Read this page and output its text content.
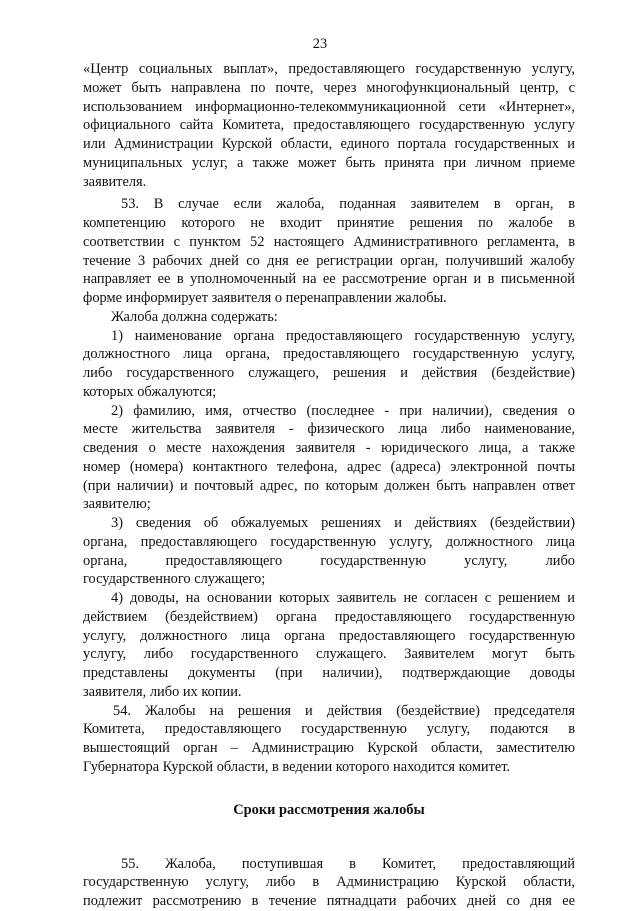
23
«Центр социальных выплат», предоставляющего государственную услугу,
может быть направлена по почте, через многофункциональный центр, с
использованием информационно-телекоммуникационной сети «Интернет»,
официального сайта Комитета, предоставляющего государственную услугу
или Администрации Курской области, единого портала государственных и
муниципальных услуг, а также может быть принята при личном приеме
заявителя.
53. В случае если жалоба, поданная заявителем в орган, в
компетенцию которого не входит принятие решения по жалобе в
соответствии с пунктом 52 настоящего Административного регламента, в
течение 3 рабочих дней со дня ее регистрации орган, получивший жалобу
направляет ее в уполномоченный на ее рассмотрение орган и в письменной
форме информирует заявителя о перенаправлении жалобы.
Жалоба должна содержать:
1) наименование органа предоставляющего государственную услугу,
должностного лица органа, предоставляющего государственную услугу,
либо государственного служащего, решения и действия (бездействие)
которых обжалуются;
2) фамилию, имя, отчество (последнее - при наличии), сведения о
месте жительства заявителя - физического лица либо наименование,
сведения о месте нахождения заявителя - юридического лица, а также
номер (номера) контактного телефона, адрес (адреса) электронной почты
(при наличии) и почтовый адрес, по которым должен быть направлен ответ
заявителю;
3) сведения об обжалуемых решениях и действиях (бездействии)
органа, предоставляющего государственную услугу, должностного лица
органа, предоставляющего государственную услугу, либо
государственного служащего;
4) доводы, на основании которых заявитель не согласен с решением и
действием (бездействием) органа предоставляющего государственную
услугу, должностного лица органа предоставляющего государственную
услугу, либо государственного служащего. Заявителем могут быть
представлены документы (при наличии), подтверждающие доводы
заявителя, либо их копии.
54. Жалобы на решения и действия (бездействие) председателя
Комитета, предоставляющего государственную услугу, подаются в
вышестоящий орган – Администрацию Курской области, заместителю
Губернатора Курской области, в ведении которого находится комитет.
Сроки рассмотрения жалобы
55. Жалоба, поступившая в Комитет, предоставляющий
государственную услугу, либо в Администрацию Курской области,
подлежит рассмотрению в течение пятнадцати рабочих дней со дня ее
